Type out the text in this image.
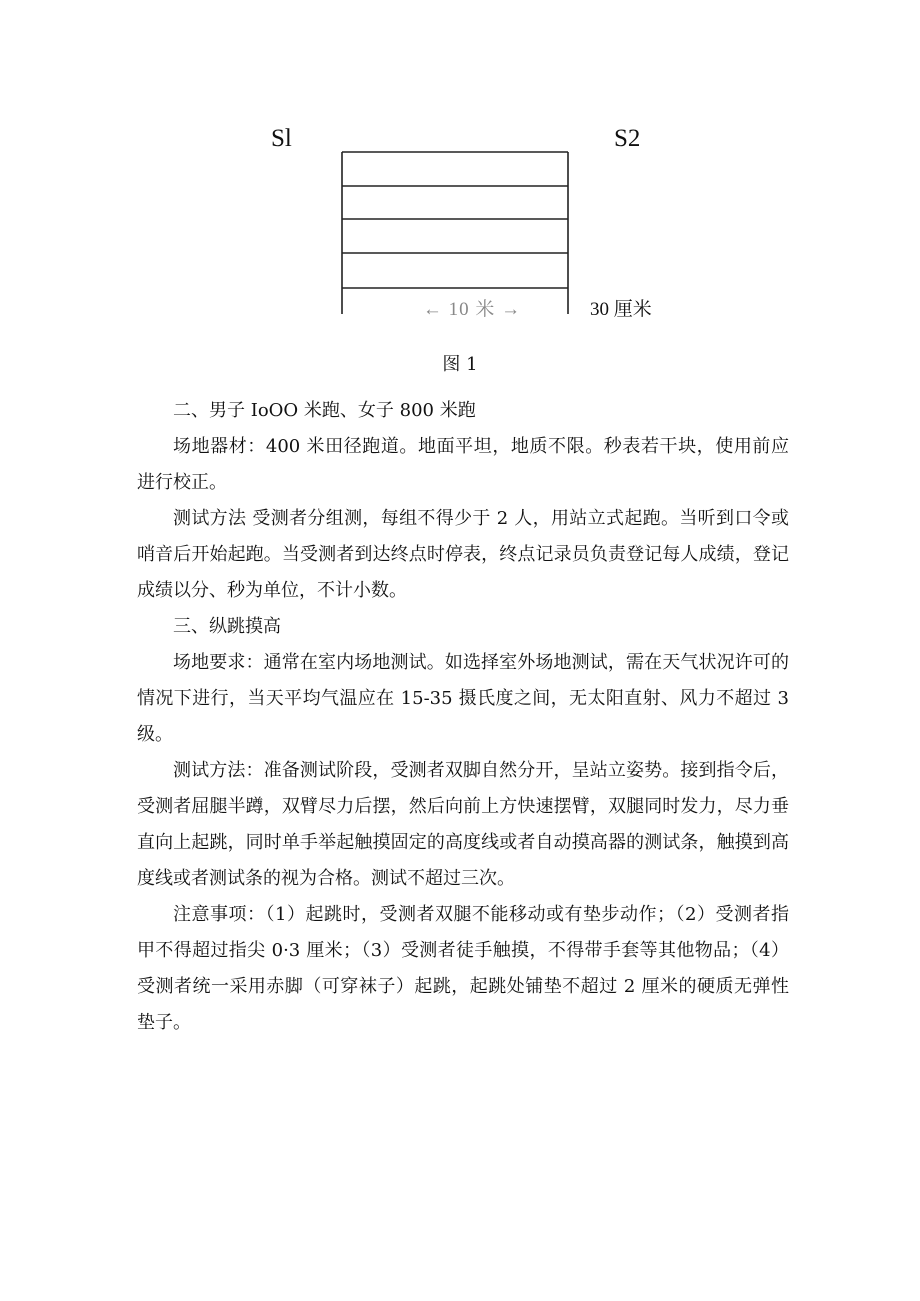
Sl	S2
← 10 米 →	30 厘米
图 1

二、男子 IoOO 米跑、女子 800 米跑

场地器材：400 米田径跑道。地面平坦，地质不限。秒表若干块，使用前应进行校正。

测试方法 受测者分组测，每组不得少于 2 人，用站立式起跑。当听到口令或哨音后开始起跑。当受测者到达终点时停表，终点记录员负责登记每人成绩，登记成绩以分、秒为单位，不计小数。

三、纵跳摸高

场地要求：通常在室内场地测试。如选择室外场地测试，需在天气状况许可的情况下进行，当天平均气温应在 15-35 摄氏度之间，无太阳直射、风力不超过 3 级。

测试方法：准备测试阶段，受测者双脚自然分开，呈站立姿势。接到指令后，受测者屈腿半蹲，双臂尽力后摆，然后向前上方快速摆臂，双腿同时发力，尽力垂直向上起跳，同时单手举起触摸固定的高度线或者自动摸高器的测试条，触摸到高度线或者测试条的视为合格。测试不超过三次。

注意事项：（1）起跳时，受测者双腿不能移动或有垫步动作；（2）受测者指甲不得超过指尖 0·3 厘米；（3）受测者徒手触摸，不得带手套等其他物品；（4）受测者统一采用赤脚（可穿袜子）起跳，起跳处铺垫不超过 2 厘米的硬质无弹性垫子。
